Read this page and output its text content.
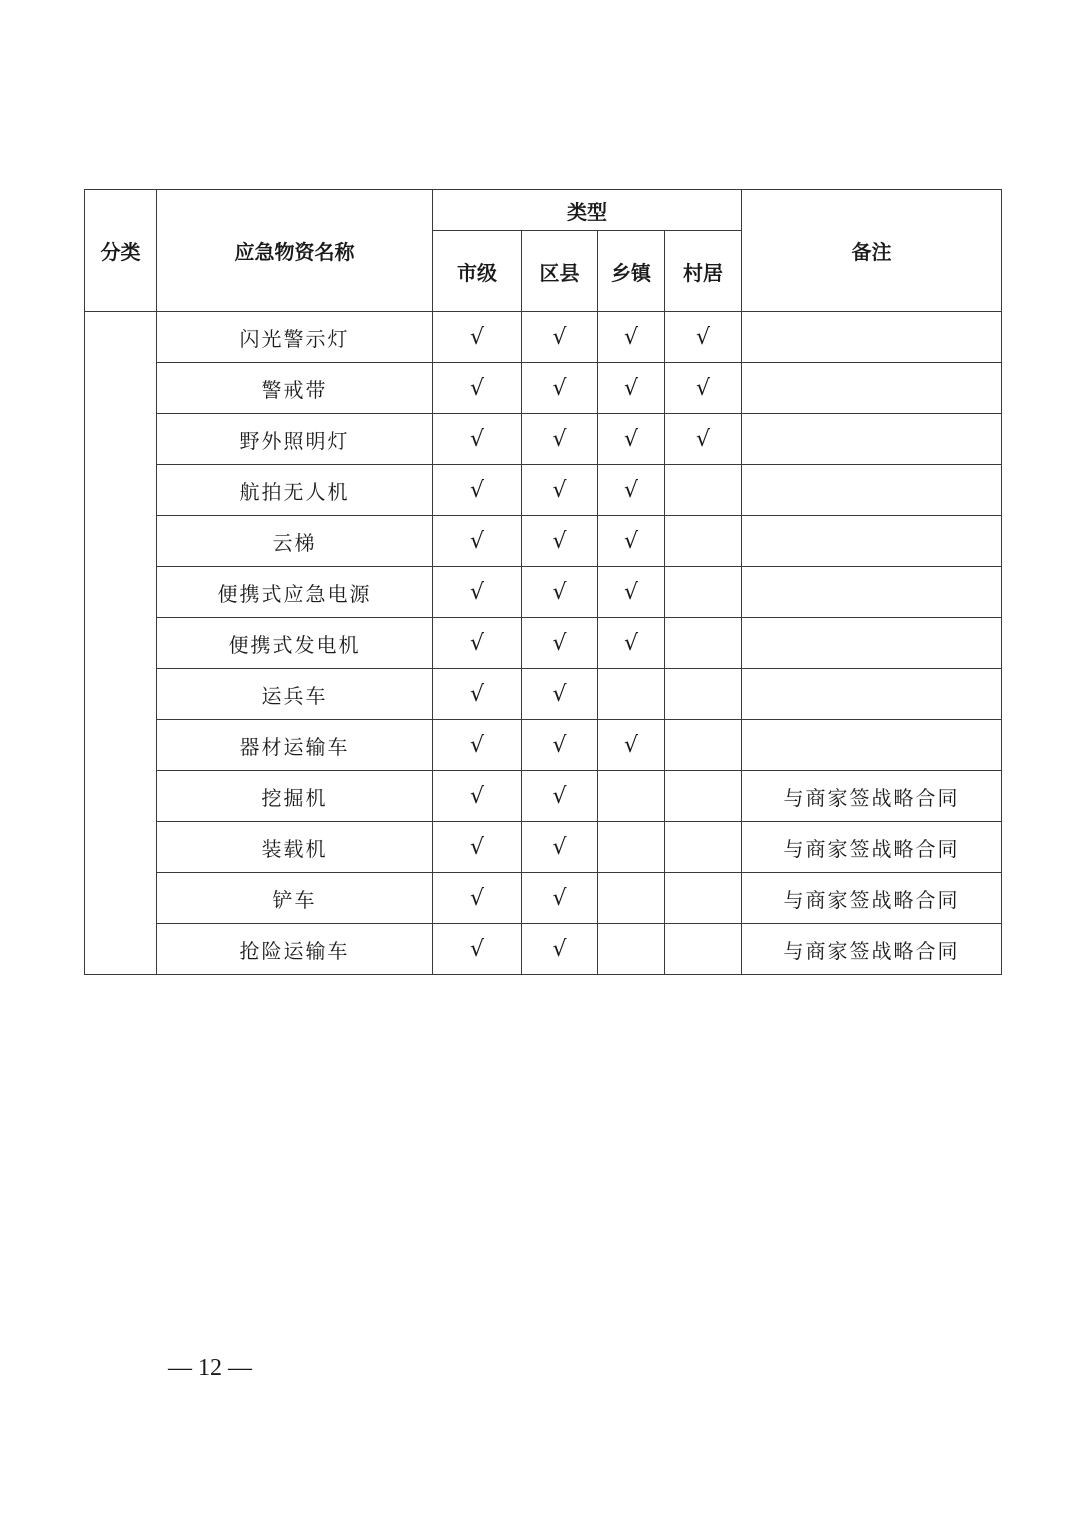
分类	应急物资名称	类型				备注
		市级	区县	乡镇	村居	
	闪光警示灯	√	√	√	√	
	警戒带	√	√	√	√	
	野外照明灯	√	√	√	√	
	航拍无人机	√	√	√		
	云梯	√	√	√		
	便携式应急电源	√	√	√		
	便携式发电机	√	√	√		
	运兵车	√	√			
	器材运输车	√	√	√		
	挖掘机	√	√			与商家签战略合同
	装载机	√	√			与商家签战略合同
	铲车	√	√			与商家签战略合同
	抢险运输车	√	√			与商家签战略合同
— 12 —
